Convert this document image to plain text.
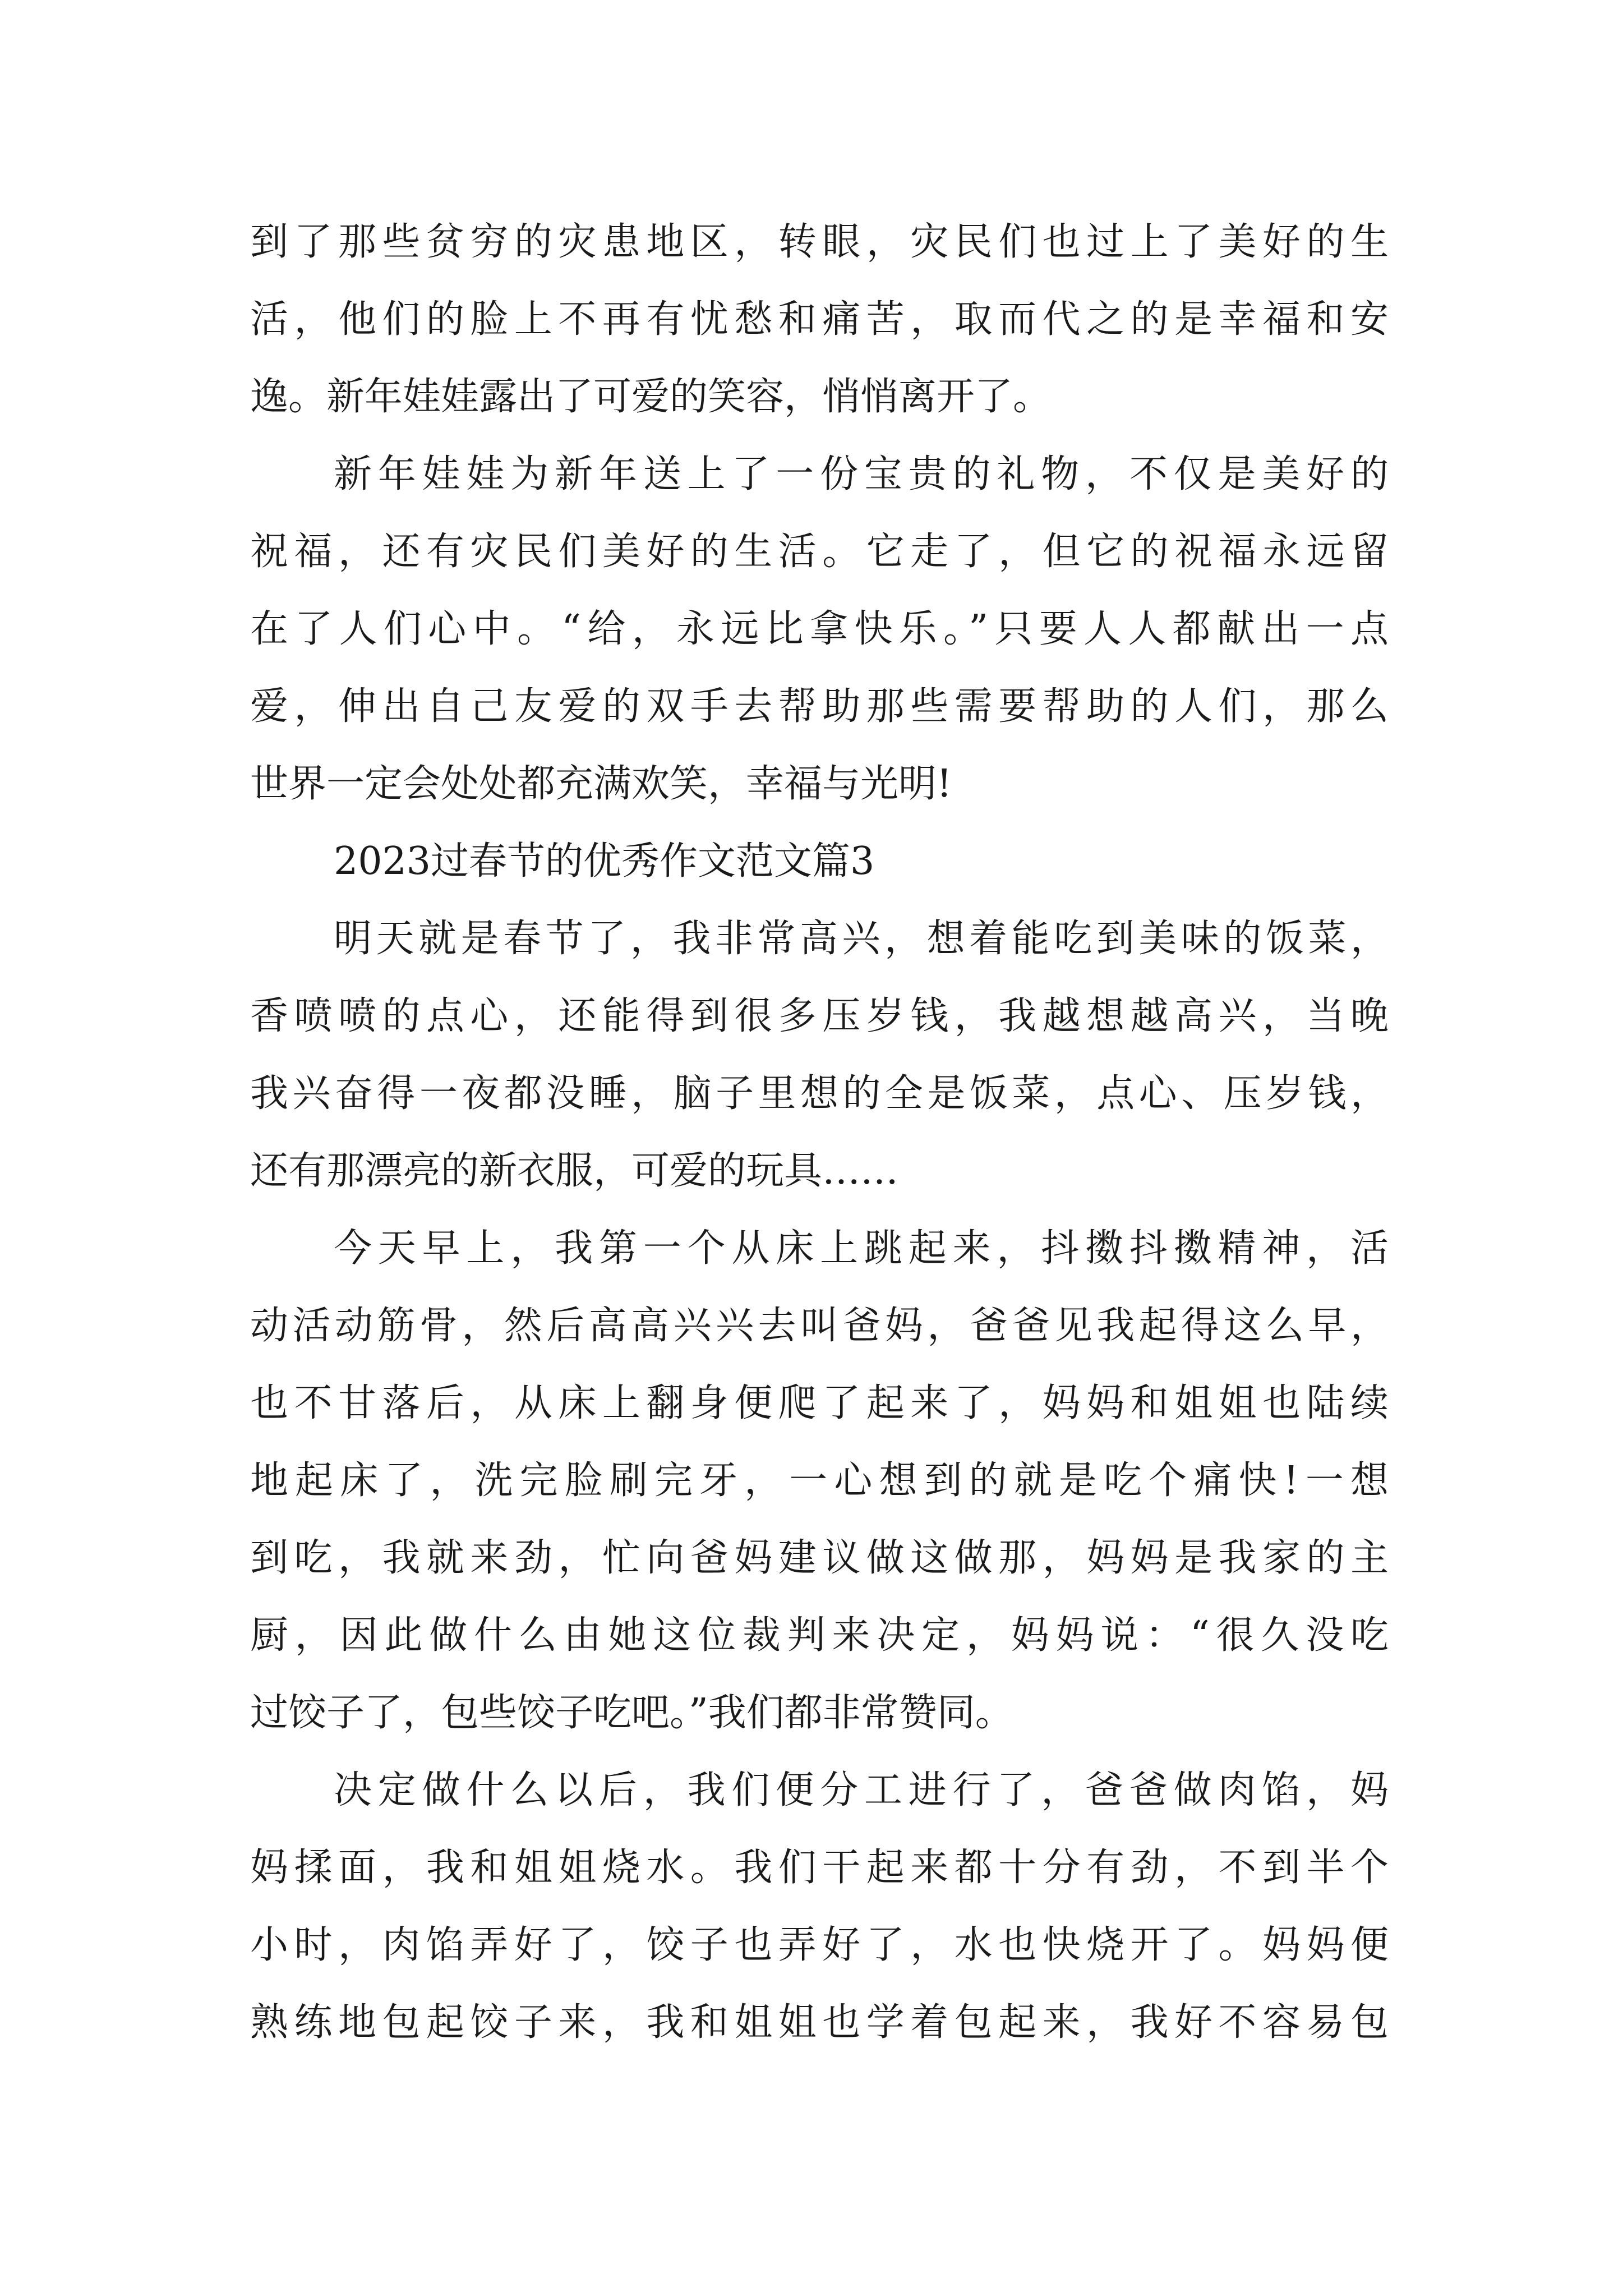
到了那些贫穷的灾患地区，转眼，灾民们也过上了美好的生
活，他们的脸上不再有忧愁和痛苦，取而代之的是幸福和安
逸。新年娃娃露出了可爱的笑容，悄悄离开了。
新年娃娃为新年送上了一份宝贵的礼物，不仅是美好的
祝福，还有灾民们美好的生活。它走了，但它的祝福永远留
在了人们心中。“给，永远比拿快乐。”只要人人都献出一点
爱，伸出自己友爱的双手去帮助那些需要帮助的人们，那么
世界一定会处处都充满欢笑，幸福与光明!
2023过春节的优秀作文范文篇3
明天就是春节了，我非常高兴，想着能吃到美味的饭菜，
香喷喷的点心，还能得到很多压岁钱，我越想越高兴，当晚
我兴奋得一夜都没睡，脑子里想的全是饭菜，点心、压岁钱，
还有那漂亮的新衣服，可爱的玩具……
今天早上，我第一个从床上跳起来，抖擞抖擞精神，活
动活动筋骨，然后高高兴兴去叫爸妈，爸爸见我起得这么早，
也不甘落后，从床上翻身便爬了起来了，妈妈和姐姐也陆续
地起床了，洗完脸刷完牙，一心想到的就是吃个痛快!一想
到吃，我就来劲，忙向爸妈建议做这做那，妈妈是我家的主
厨，因此做什么由她这位裁判来决定，妈妈说：“很久没吃
过饺子了，包些饺子吃吧。”我们都非常赞同。
决定做什么以后，我们便分工进行了，爸爸做肉馅，妈
妈揉面，我和姐姐烧水。我们干起来都十分有劲，不到半个
小时，肉馅弄好了，饺子也弄好了，水也快烧开了。妈妈便
熟练地包起饺子来，我和姐姐也学着包起来，我好不容易包
